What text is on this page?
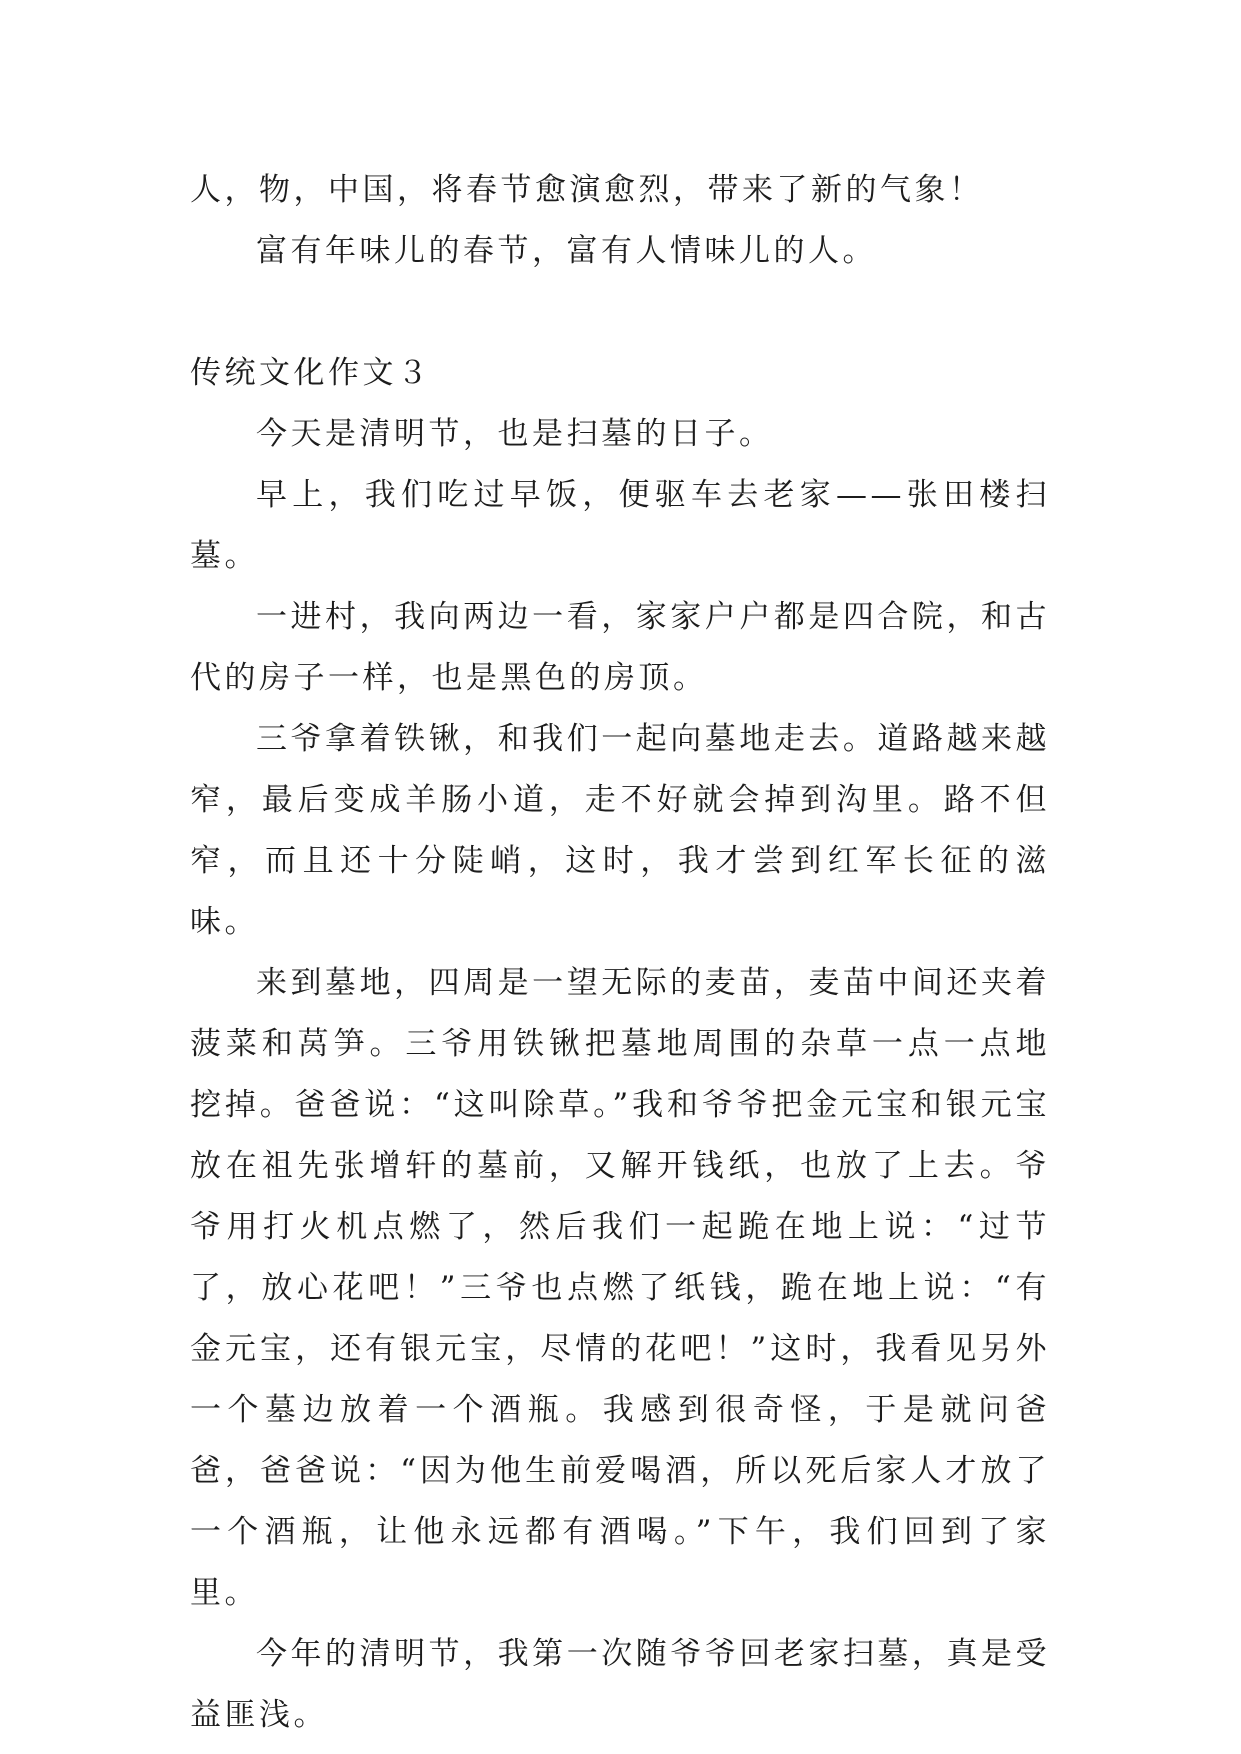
人，物，中国，将春节愈演愈烈，带来了新的气象！

富有年味儿的春节，富有人情味儿的人。

传统文化作文３

今天是清明节，也是扫墓的日子。

早上，我们吃过早饭，便驱车去老家——张田楼扫墓。

一进村，我向两边一看，家家户户都是四合院，和古代的房子一样，也是黑色的房顶。

三爷拿着铁锹，和我们一起向墓地走去。道路越来越窄，最后变成羊肠小道，走不好就会掉到沟里。路不但窄，而且还十分陡峭，这时，我才尝到红军长征的滋味。

来到墓地，四周是一望无际的麦苗，麦苗中间还夹着菠菜和莴笋。三爷用铁锹把墓地周围的杂草一点一点地挖掉。爸爸说：“这叫除草。”我和爷爷把金元宝和银元宝放在祖先张增轩的墓前，又解开钱纸，也放了上去。爷爷用打火机点燃了，然后我们一起跪在地上说：“过节了，放心花吧！”三爷也点燃了纸钱，跪在地上说：“有金元宝，还有银元宝，尽情的花吧！”这时，我看见另外一个墓边放着一个酒瓶。我感到很奇怪，于是就问爸爸，爸爸说：“因为他生前爱喝酒，所以死后家人才放了一个酒瓶，让他永远都有酒喝。”下午，我们回到了家里。

今年的清明节，我第一次随爷爷回老家扫墓，真是受益匪浅。
